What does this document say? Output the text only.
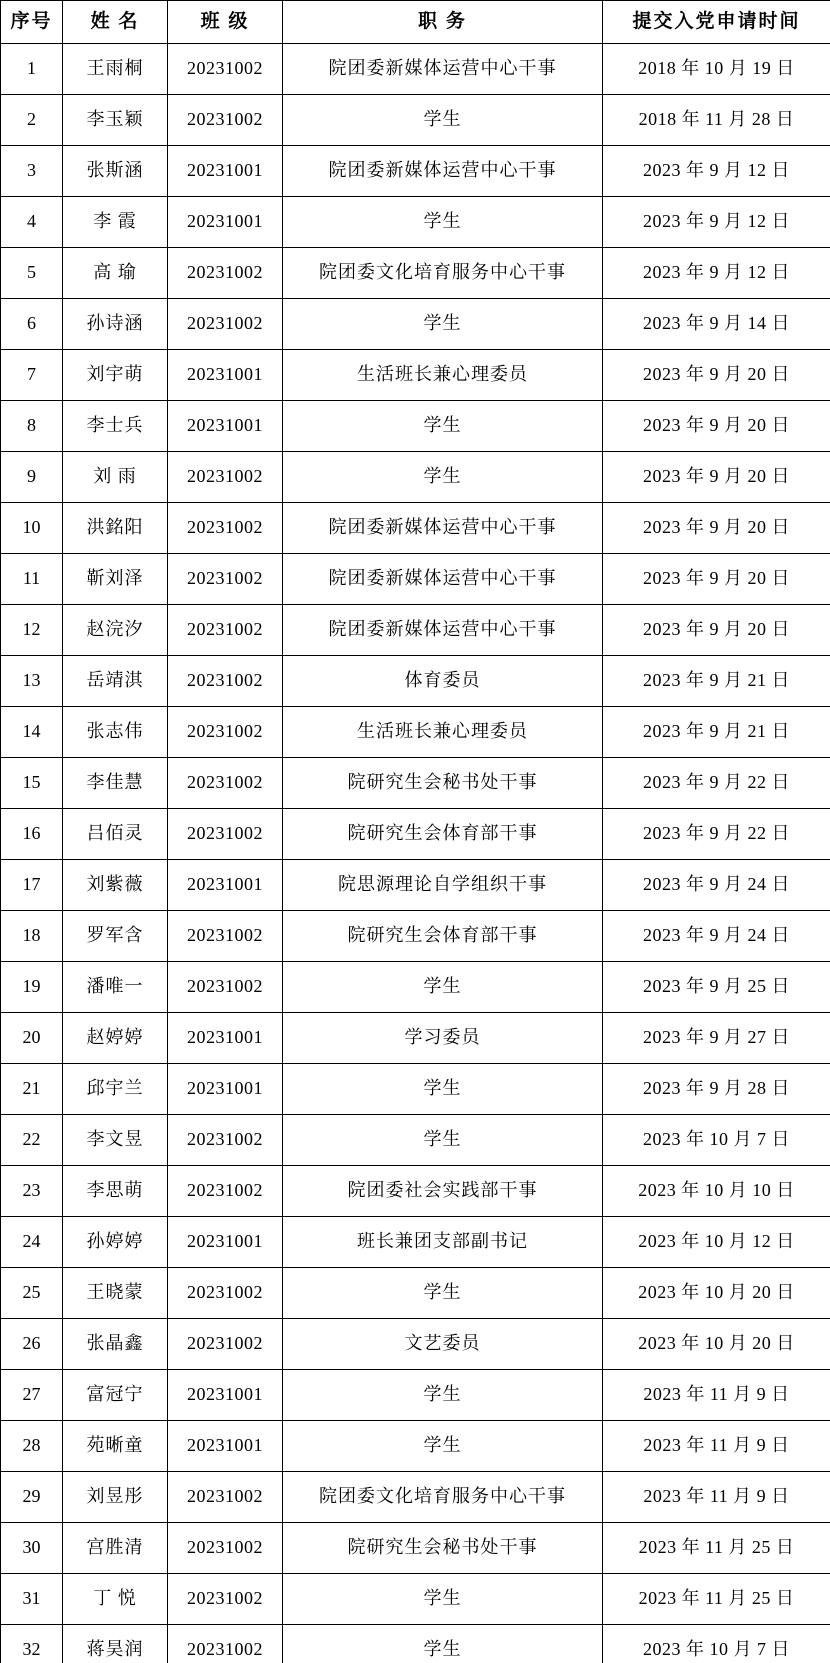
序号	姓 名	班 级	职 务	提交入党申请时间
1	王雨桐	20231002	院团委新媒体运营中心干事	2018 年 10 月 19 日
2	李玉颖	20231002	学生	2018 年 11 月 28 日
3	张斯涵	20231001	院团委新媒体运营中心干事	2023 年 9 月 12 日
4	李 霞	20231001	学生	2023 年 9 月 12 日
5	高 瑜	20231002	院团委文化培育服务中心干事	2023 年 9 月 12 日
6	孙诗涵	20231002	学生	2023 年 9 月 14 日
7	刘宇萌	20231001	生活班长兼心理委员	2023 年 9 月 20 日
8	李士兵	20231001	学生	2023 年 9 月 20 日
9	刘 雨	20231002	学生	2023 年 9 月 20 日
10	洪銘阳	20231002	院团委新媒体运营中心干事	2023 年 9 月 20 日
11	靳刘泽	20231002	院团委新媒体运营中心干事	2023 年 9 月 20 日
12	赵浣汐	20231002	院团委新媒体运营中心干事	2023 年 9 月 20 日
13	岳靖淇	20231002	体育委员	2023 年 9 月 21 日
14	张志伟	20231002	生活班长兼心理委员	2023 年 9 月 21 日
15	李佳慧	20231002	院研究生会秘书处干事	2023 年 9 月 22 日
16	吕佰灵	20231002	院研究生会体育部干事	2023 年 9 月 22 日
17	刘紫薇	20231001	院思源理论自学组织干事	2023 年 9 月 24 日
18	罗军含	20231002	院研究生会体育部干事	2023 年 9 月 24 日
19	潘唯一	20231002	学生	2023 年 9 月 25 日
20	赵婷婷	20231001	学习委员	2023 年 9 月 27 日
21	邱宇兰	20231001	学生	2023 年 9 月 28 日
22	李文昱	20231002	学生	2023 年 10 月 7 日
23	李思萌	20231002	院团委社会实践部干事	2023 年 10 月 10 日
24	孙婷婷	20231001	班长兼团支部副书记	2023 年 10 月 12 日
25	王晓蒙	20231002	学生	2023 年 10 月 20 日
26	张晶鑫	20231002	文艺委员	2023 年 10 月 20 日
27	富冠宁	20231001	学生	2023 年 11 月 9 日
28	苑晰童	20231001	学生	2023 年 11 月 9 日
29	刘昱彤	20231002	院团委文化培育服务中心干事	2023 年 11 月 9 日
30	宫胜清	20231002	院研究生会秘书处干事	2023 年 11 月 25 日
31	丁 悦	20231002	学生	2023 年 11 月 25 日
32	蒋昊润	20231002	学生	2023 年 10 月 7 日
